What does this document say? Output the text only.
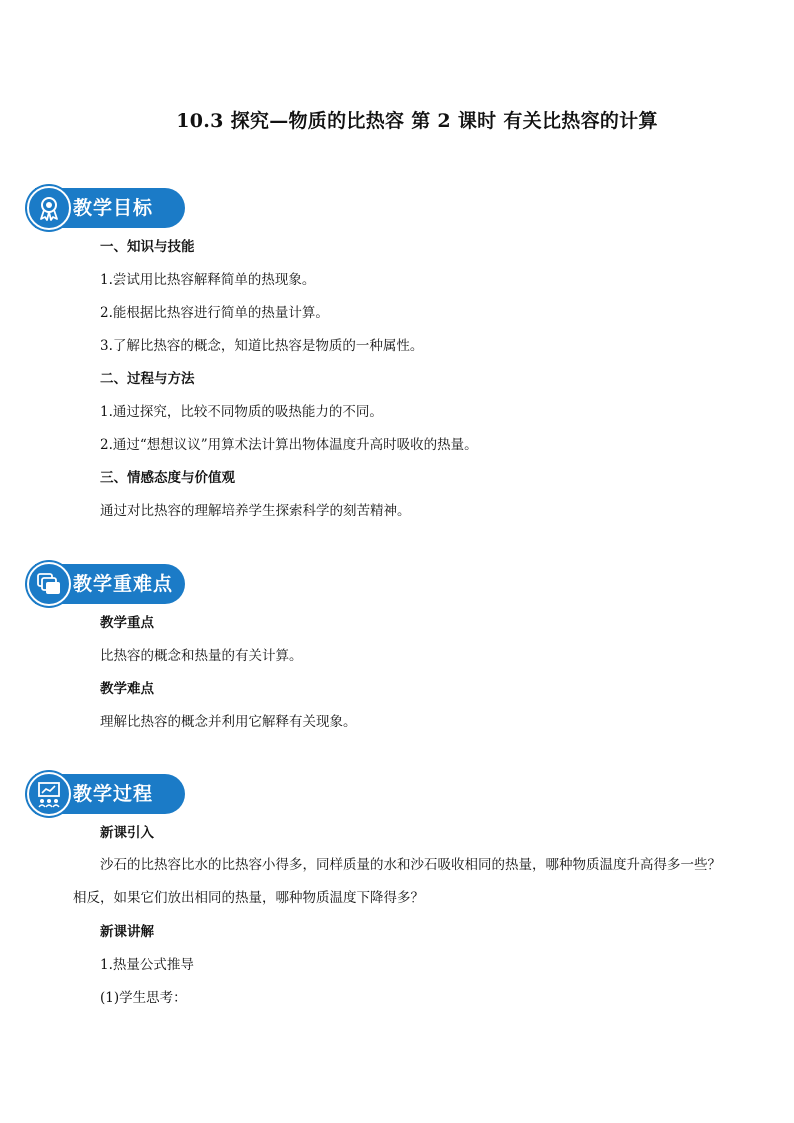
10.3 探究—物质的比热容 第 2 课时 有关比热容的计算
教学目标
一、知识与技能
1.尝试用比热容解释简单的热现象。
2.能根据比热容进行简单的热量计算。
3.了解比热容的概念，知道比热容是物质的一种属性。
二、过程与方法
1.通过探究，比较不同物质的吸热能力的不同。
2.通过“想想议议”用算术法计算出物体温度升高时吸收的热量。
三、情感态度与价值观
通过对比热容的理解培养学生探索科学的刻苦精神。
教学重难点
教学重点
比热容的概念和热量的有关计算。
教学难点
理解比热容的概念并利用它解释有关现象。
教学过程
新课引入
沙石的比热容比水的比热容小得多，同样质量的水和沙石吸收相同的热量，哪种物质温度升高得多一些？相反，如果它们放出相同的热量，哪种物质温度下降得多？
新课讲解
1.热量公式推导
(1)学生思考：
